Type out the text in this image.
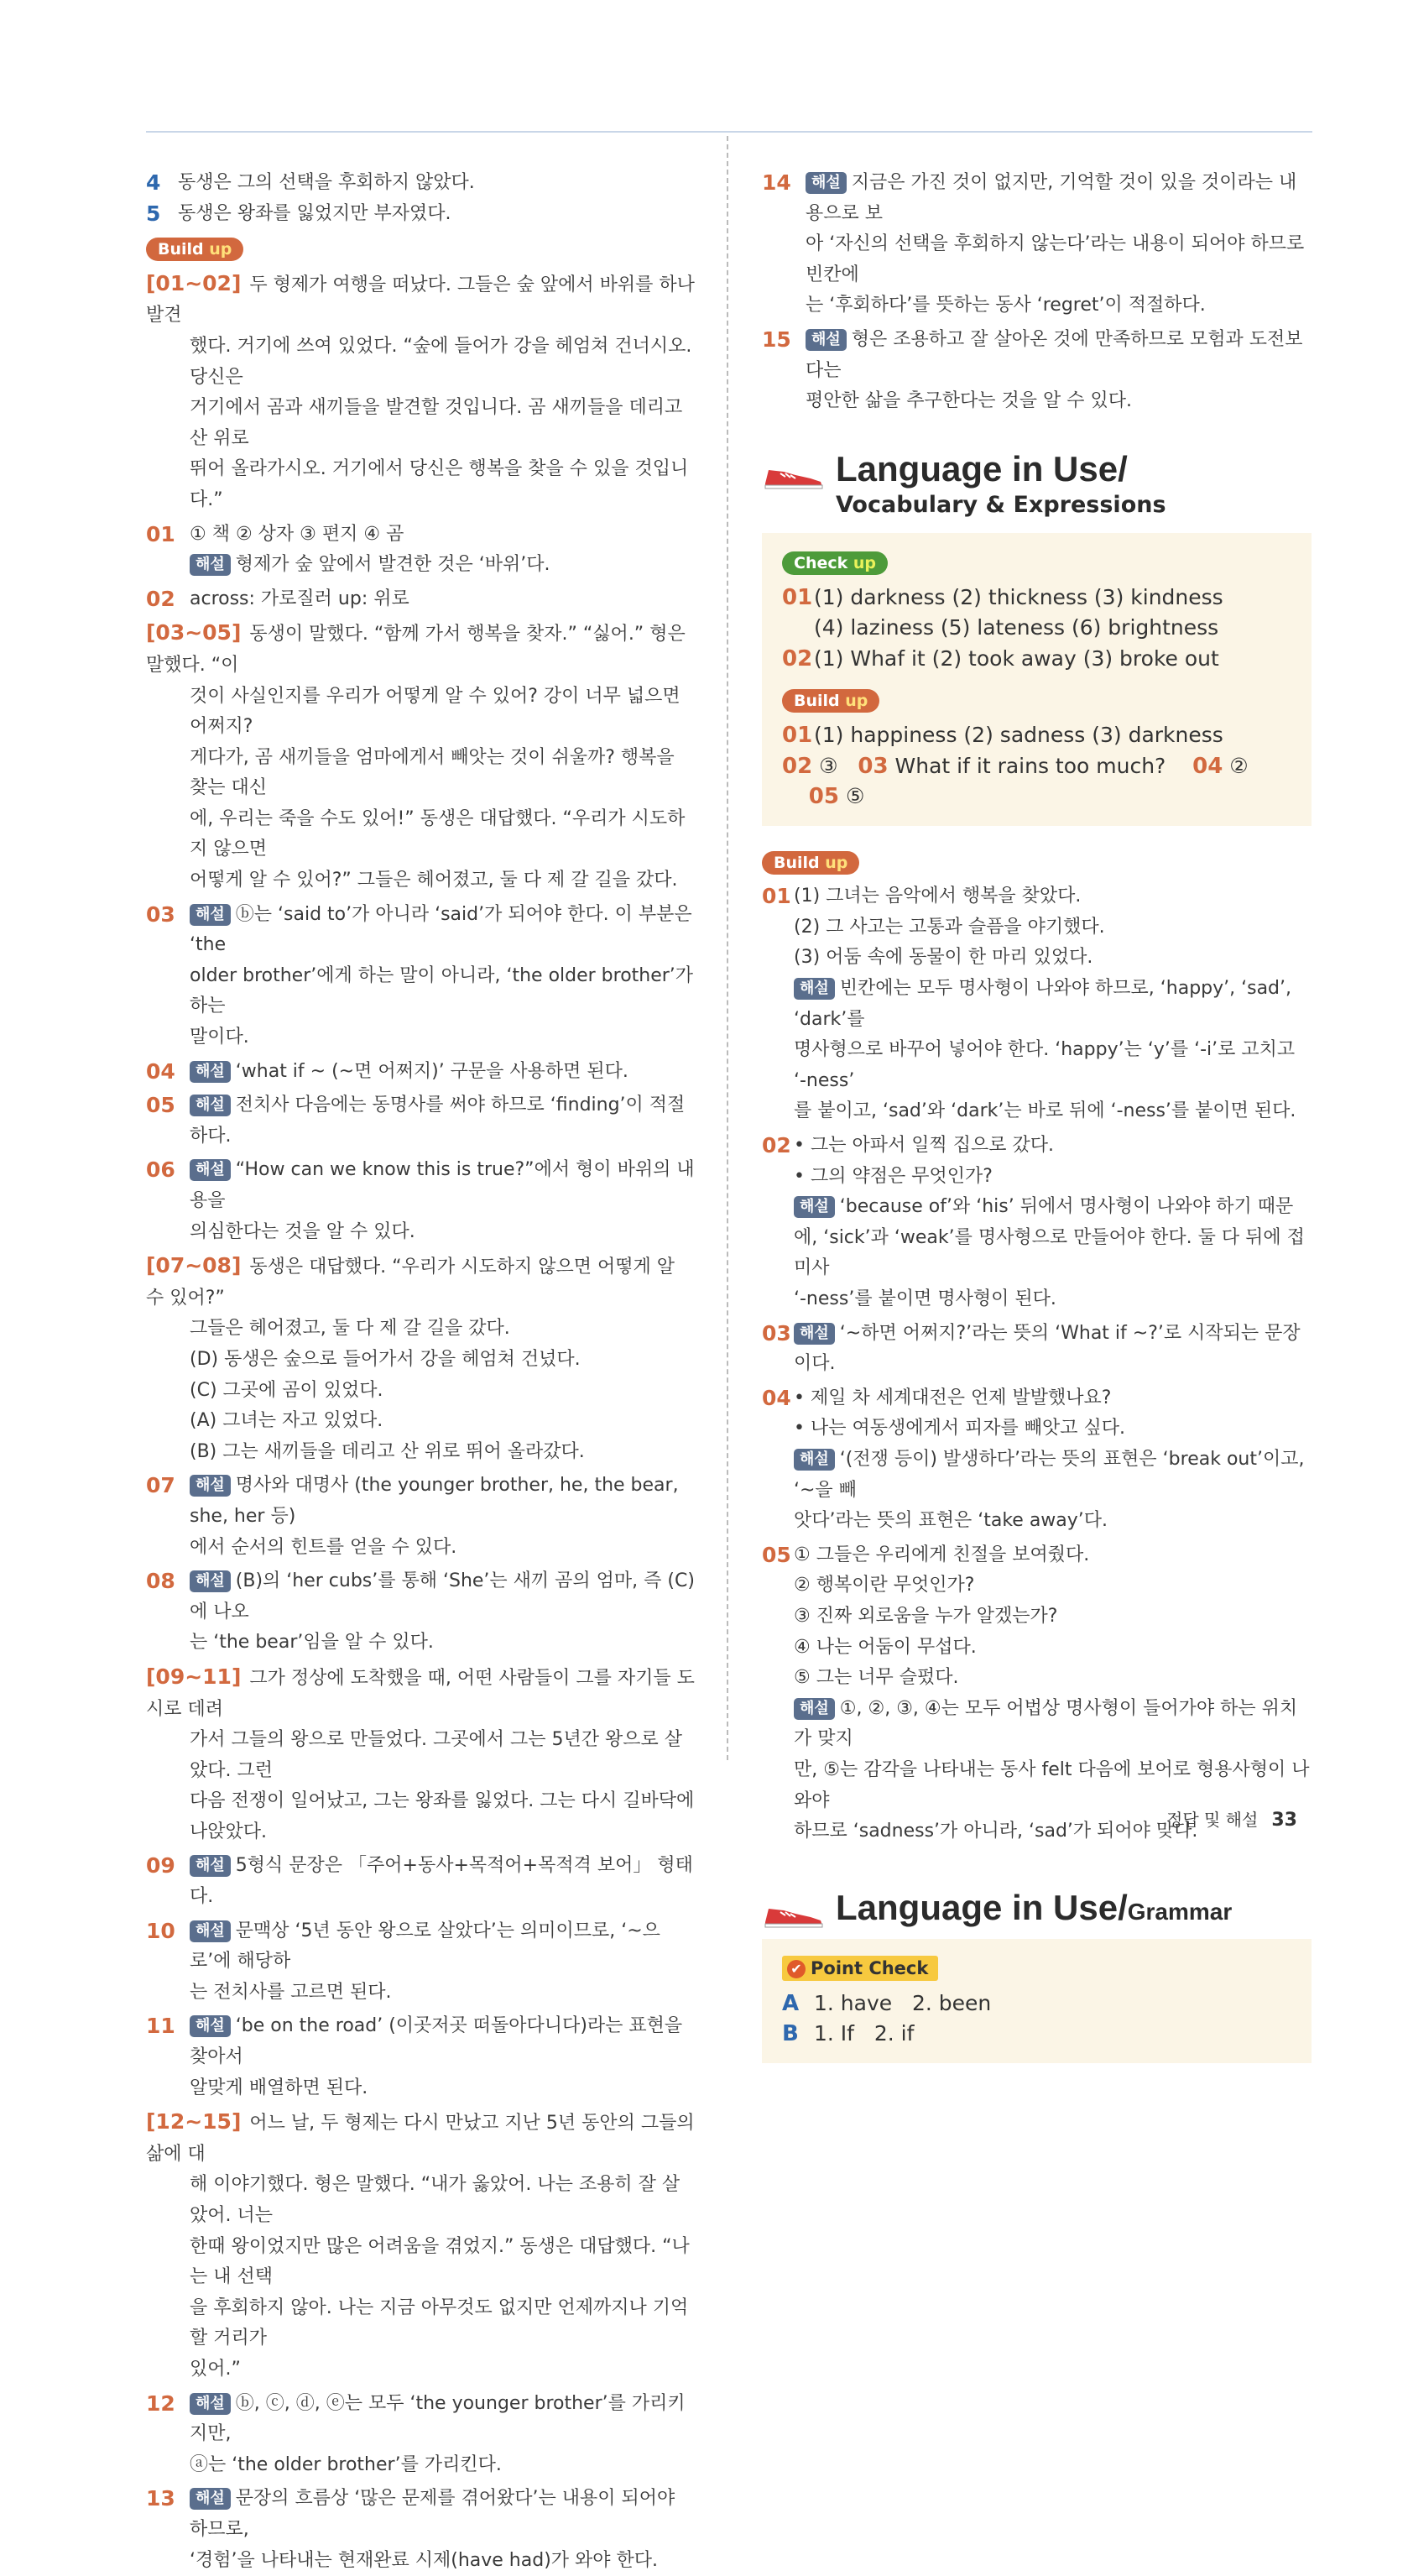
4 동생은 그의 선택을 후회하지 않았다.
5 동생은 왕좌를 잃었지만 부자였다.
Build up
[01~02] 두 형제가 여행을 떠났다. 그들은 숲 앞에서 바위를 하나 발견
했다. 거기에 쓰여 있었다. “숲에 들어가 강을 헤엄쳐 건너시오. 당신은
거기에서 곰과 새끼들을 발견할 것입니다. 곰 새끼들을 데리고 산 위로
뛰어 올라가시오. 거기에서 당신은 행복을 찾을 수 있을 것입니다.”
01 ① 책 ② 상자 ③ 편지 ④ 곰
해설 형제가 숲 앞에서 발견한 것은 ‘바위’다.
02 across: 가로질러 up: 위로
[03~05] 동생이 말했다. “함께 가서 행복을 찾자.” “싫어.” 형은 말했다. “이
것이 사실인지를 우리가 어떻게 알 수 있어? 강이 너무 넓으면 어쩌지?
게다가, 곰 새끼들을 엄마에게서 빼앗는 것이 쉬울까? 행복을 찾는 대신
에, 우리는 죽을 수도 있어!” 동생은 대답했다. “우리가 시도하지 않으면
어떻게 알 수 있어?” 그들은 헤어졌고, 둘 다 제 갈 길을 갔다.
03	해설 ⓑ는 ‘said to’가 아니라 ‘said’가 되어야 한다. 이 부분은 ‘the
older brother’에게 하는 말이 아니라, ‘the older brother’가 하는
말이다.
04	해설 ‘what if ~ (~면 어쩌지)’ 구문을 사용하면 된다.
05	해설 전치사 다음에는 동명사를 써야 하므로 ‘finding’이 적절하다.
06	해설 “How can we know this is true?”에서 형이 바위의 내용을
의심한다는 것을 알 수 있다.
[07~08] 동생은 대답했다. “우리가 시도하지 않으면 어떻게 알 수 있어?”
그들은 헤어졌고, 둘 다 제 갈 길을 갔다.
(D) 동생은 숲으로 들어가서 강을 헤엄쳐 건넜다.
(C) 그곳에 곰이 있었다.
(A) 그녀는 자고 있었다.
(B) 그는 새끼들을 데리고 산 위로 뛰어 올라갔다.
07	해설 명사와 대명사 (the younger brother, he, the bear, she, her 등)
에서 순서의 힌트를 얻을 수 있다.
08	해설 (B)의 ‘her cubs’를 통해 ‘She’는 새끼 곰의 엄마, 즉 (C)에 나오
는 ‘the bear’임을 알 수 있다.
[09~11] 그가 정상에 도착했을 때, 어떤 사람들이 그를 자기들 도시로 데려
가서 그들의 왕으로 만들었다. 그곳에서 그는 5년간 왕으로 살았다. 그런
다음 전쟁이 일어났고, 그는 왕좌를 잃었다. 그는 다시 길바닥에 나앉았다.
09	해설 5형식 문장은 「주어+동사+목적어+목적격 보어」 형태다.
10	해설 문맥상 ‘5년 동안 왕으로 살았다’는 의미이므로, ‘~으로’에 해당하
는 전치사를 고르면 된다.
11	해설 ‘be on the road’ (이곳저곳 떠돌아다니다)라는 표현을 찾아서
알맞게 배열하면 된다.
[12~15] 어느 날, 두 형제는 다시 만났고 지난 5년 동안의 그들의 삶에 대
해 이야기했다. 형은 말했다. “내가 옳았어. 나는 조용히 잘 살았어. 너는
한때 왕이었지만 많은 어려움을 겪었지.” 동생은 대답했다. “나는 내 선택
을 후회하지 않아. 나는 지금 아무것도 없지만 언제까지나 기억할 거리가
있어.”
12	해설 ⓑ, ⓒ, ⓓ, ⓔ는 모두 ‘the younger brother’를 가리키지만,
ⓐ는 ‘the older brother’를 가리킨다.
13	해설 문장의 흐름상 ‘많은 문제를 겪어왔다’는 내용이 되어야 하므로,
‘경험’을 나타내는 현재완료 시제(have had)가 와야 한다.
14	해설 지금은 가진 것이 없지만, 기억할 것이 있을 것이라는 내용으로 보
아 ‘자신의 선택을 후회하지 않는다’라는 내용이 되어야 하므로 빈칸에
는 ‘후회하다’를 뜻하는 동사 ‘regret’이 적절하다.
15	해설 형은 조용하고 잘 살아온 것에 만족하므로 모험과 도전보다는
평안한 삶을 추구한다는 것을 알 수 있다.
Language in Use/
Vocabulary & Expressions
Check up
01 (1) darkness (2) thickness (3) kindness
(4) laziness (5) lateness (6) brightness
02 (1) Whaf it (2) took away (3) broke out
Build up
01 (1) happiness (2) sadness (3) darkness
02 ③ 03 What if it rains too much? 04 ②     05 ⑤
Build up
01 (1) 그녀는 음악에서 행복을 찾았다.
(2) 그 사고는 고통과 슬픔을 야기했다.
(3) 어둠 속에 동물이 한 마리 있었다.
해설 빈칸에는 모두 명사형이 나와야 하므로, ‘happy’, ‘sad’, ‘dark’를
명사형으로 바꾸어 넣어야 한다. ‘happy’는 ‘y’를 ‘-i’로 고치고 ‘-ness’
를 붙이고, ‘sad’와 ‘dark’는 바로 뒤에 ‘-ness’를 붙이면 된다.
02 • 그는 아파서 일찍 집으로 갔다.
• 그의 약점은 무엇인가?
해설 ‘because of’와 ‘his’ 뒤에서 명사형이 나와야 하기 때문
에, ‘sick’과 ‘weak’를 명사형으로 만들어야 한다. 둘 다 뒤에 접미사
‘-ness’를 붙이면 명사형이 된다.
03 해설 ‘~하면 어쩌지?’라는 뜻의 ‘What if ~?’로 시작되는 문장이다.
04 • 제일 차 세계대전은 언제 발발했나요?
• 나는 여동생에게서 피자를 빼앗고 싶다.
해설 ‘(전쟁 등이) 발생하다’라는 뜻의 표현은 ‘break out’이고, ‘~을 빼
앗다’라는 뜻의 표현은 ‘take away’다.
05 ① 그들은 우리에게 친절을 보여줬다.
② 행복이란 무엇인가?
③ 진짜 외로움을 누가 알겠는가?
④ 나는 어둠이 무섭다.
⑤ 그는 너무 슬펐다.
해설 ①, ②, ③, ④는 모두 어법상 명사형이 들어가야 하는 위치가 맞지
만, ⑤는 감각을 나타내는 동사 felt 다음에 보어로 형용사형이 나와야
하므로 ‘sadness’가 아니라, ‘sad’가 되어야 맞다.
Language in Use/Grammar
✔ Point Check
A 1. have 2. been
B 1. If 2. if
정답 및 해설 33
